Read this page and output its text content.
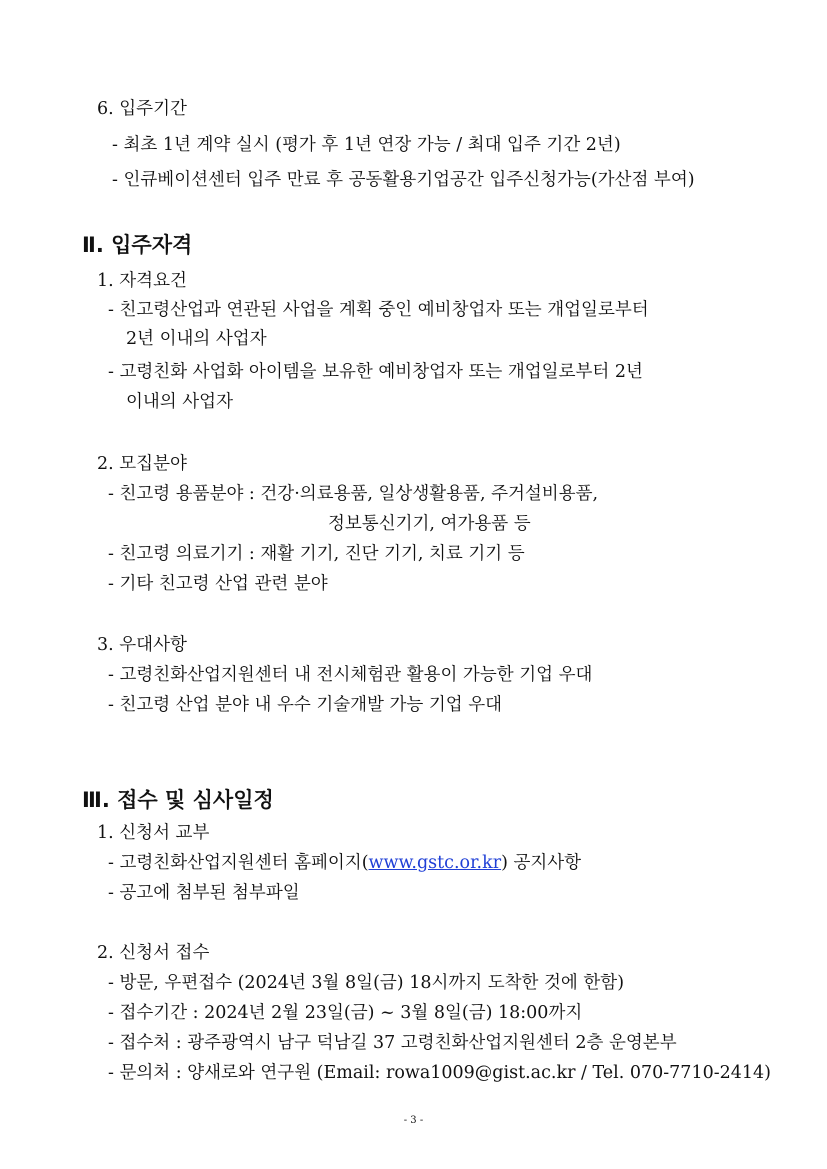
6. 입주기간
- 최초 1년 계약 실시 (평가 후 1년 연장 가능 / 최대 입주 기간 2년)
- 인큐베이션센터 입주 만료 후 공동활용기업공간 입주신청가능(가산점 부여)
Ⅱ. 입주자격
1. 자격요건
- 친고령산업과 연관된 사업을 계획 중인 예비창업자 또는 개업일로부터
2년 이내의 사업자
- 고령친화 사업화 아이템을 보유한 예비창업자 또는 개업일로부터 2년
이내의 사업자
2. 모집분야
- 친고령 용품분야 : 건강·의료용품, 일상생활용품, 주거설비용품,
정보통신기기, 여가용품 등
- 친고령 의료기기 : 재활 기기, 진단 기기, 치료 기기 등
- 기타 친고령 산업 관련 분야
3. 우대사항
- 고령친화산업지원센터 내 전시체험관 활용이 가능한 기업 우대
- 친고령 산업 분야 내 우수 기술개발 가능 기업 우대
Ⅲ. 접수 및 심사일정
1. 신청서 교부
- 고령친화산업지원센터 홈페이지(www.gstc.or.kr) 공지사항
- 공고에 첨부된 첨부파일
2. 신청서 접수
- 방문, 우편접수 (2024년 3월 8일(금) 18시까지 도착한 것에 한함)
- 접수기간 : 2024년 2월 23일(금) ~ 3월 8일(금) 18:00까지
- 접수처 : 광주광역시 남구 덕남길 37 고령친화산업지원센터 2층 운영본부
- 문의처 : 양새로와 연구원 (Email: rowa1009@gist.ac.kr / Tel. 070-7710-2414)
- 3 -
